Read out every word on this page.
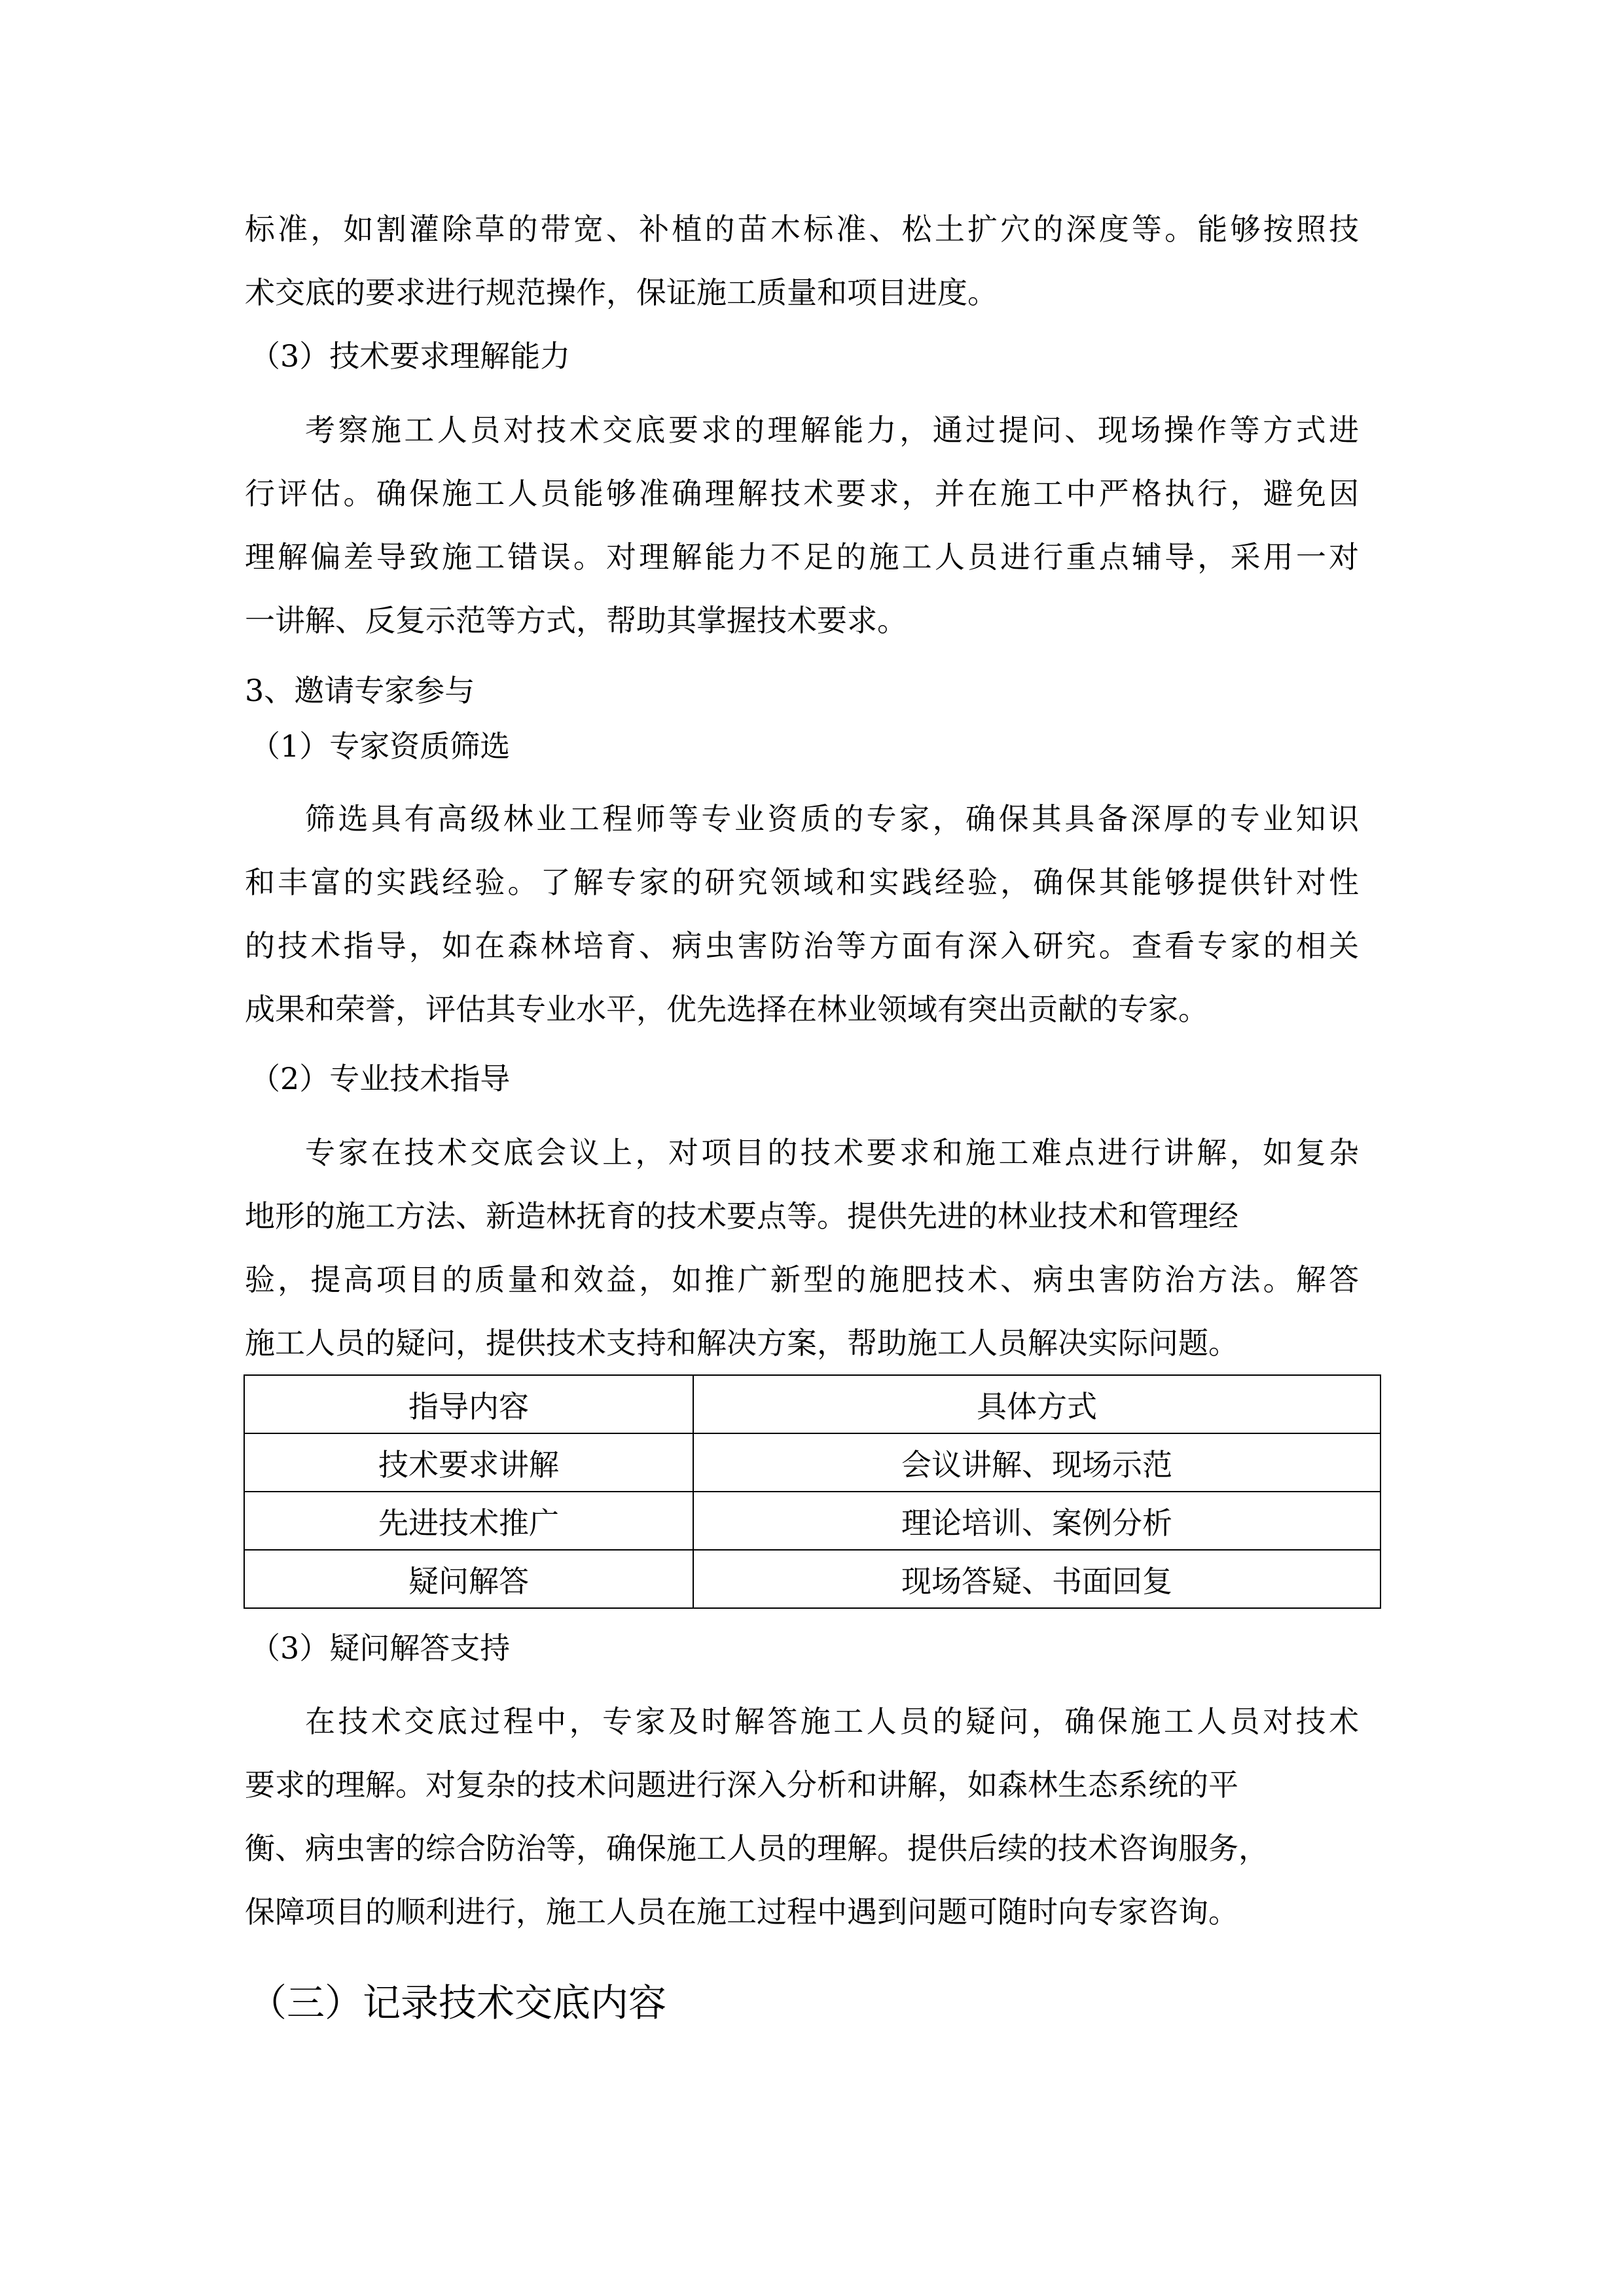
标准，如割灌除草的带宽、补植的苗木标准、松土扩穴的深度等。能够按照技
术交底的要求进行规范操作，保证施工质量和项目进度。
（3）技术要求理解能力
考察施工人员对技术交底要求的理解能力，通过提问、现场操作等方式进
行评估。确保施工人员能够准确理解技术要求，并在施工中严格执行，避免因
理解偏差导致施工错误。对理解能力不足的施工人员进行重点辅导，采用一对
一讲解、反复示范等方式，帮助其掌握技术要求。
3、邀请专家参与
（1）专家资质筛选
筛选具有高级林业工程师等专业资质的专家，确保其具备深厚的专业知识
和丰富的实践经验。了解专家的研究领域和实践经验，确保其能够提供针对性
的技术指导，如在森林培育、病虫害防治等方面有深入研究。查看专家的相关
成果和荣誉，评估其专业水平，优先选择在林业领域有突出贡献的专家。
（2）专业技术指导
专家在技术交底会议上，对项目的技术要求和施工难点进行讲解，如复杂
地形的施工方法、新造林抚育的技术要点等。提供先进的林业技术和管理经
验，提高项目的质量和效益，如推广新型的施肥技术、病虫害防治方法。解答
施工人员的疑问，提供技术支持和解决方案，帮助施工人员解决实际问题。
（3）疑问解答支持
在技术交底过程中，专家及时解答施工人员的疑问，确保施工人员对技术
要求的理解。对复杂的技术问题进行深入分析和讲解，如森林生态系统的平
衡、病虫害的综合防治等，确保施工人员的理解。提供后续的技术咨询服务，
保障项目的顺利进行，施工人员在施工过程中遇到问题可随时向专家咨询。
（三）记录技术交底内容
指导内容	具体方式
技术要求讲解	会议讲解、现场示范
先进技术推广	理论培训、案例分析
疑问解答	现场答疑、书面回复
